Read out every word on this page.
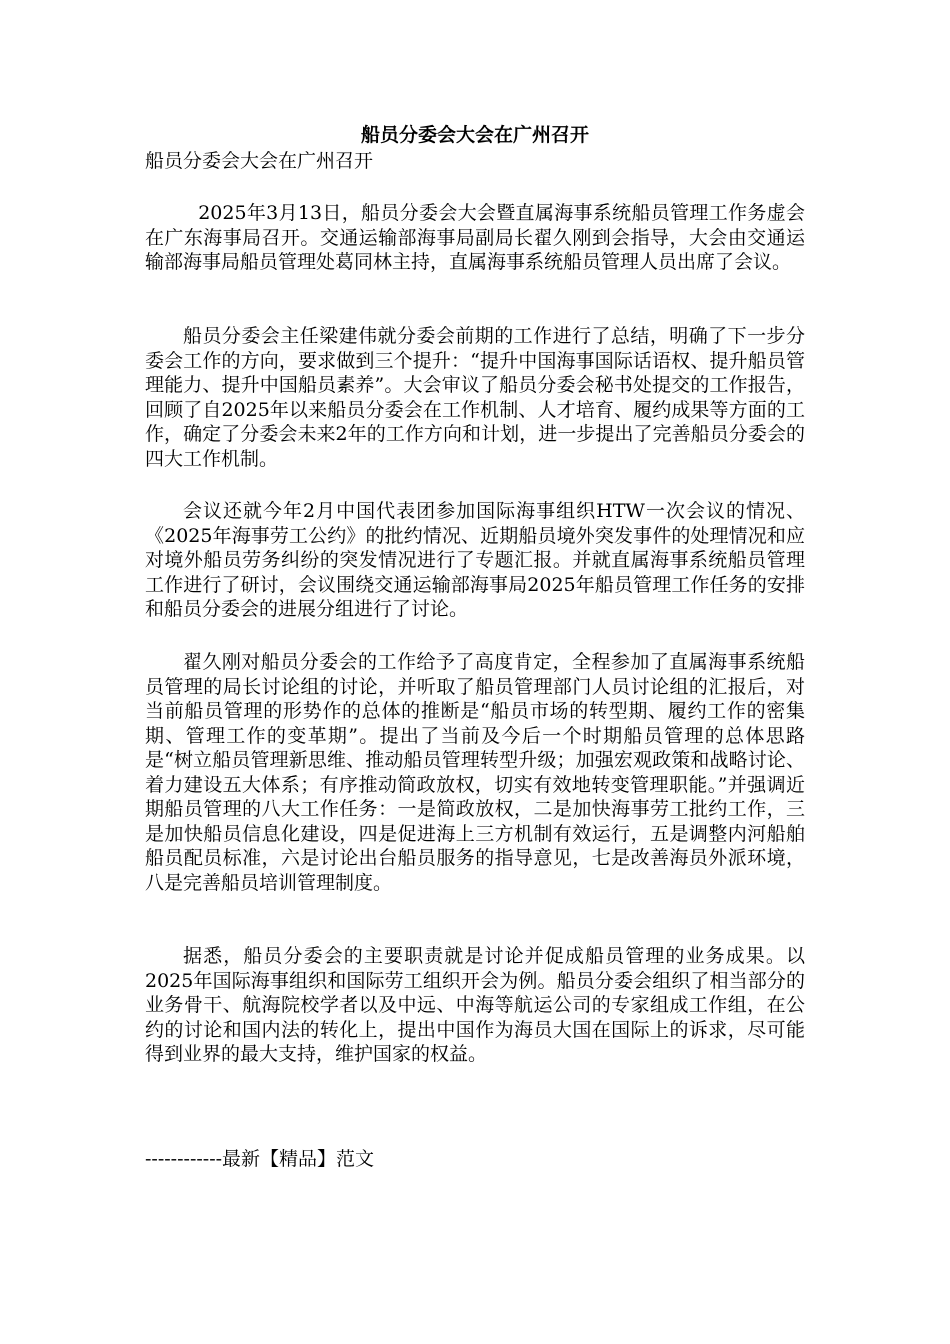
船员分委会大会在广州召开
船员分委会大会在广州召开

2025年3月13日，船员分委会大会暨直属海事系统船员管理工作务虚会在广东海事局召开。交通运输部海事局副局长翟久刚到会指导，大会由交通运输部海事局船员管理处葛同林主持，直属海事系统船员管理人员出席了会议。

船员分委会主任梁建伟就分委会前期的工作进行了总结，明确了下一步分委会工作的方向，要求做到三个提升：“提升中国海事国际话语权、提升船员管理能力、提升中国船员素养”。大会审议了船员分委会秘书处提交的工作报告，回顾了自2025年以来船员分委会在工作机制、人才培育、履约成果等方面的工作，确定了分委会未来2年的工作方向和计划，进一步提出了完善船员分委会的四大工作机制。

会议还就今年2月中国代表团参加国际海事组织HTW一次会议的情况、《2025年海事劳工公约》的批约情况、近期船员境外突发事件的处理情况和应对境外船员劳务纠纷的突发情况进行了专题汇报。并就直属海事系统船员管理工作进行了研讨，会议围绕交通运输部海事局2025年船员管理工作任务的安排和船员分委会的进展分组进行了讨论。

翟久刚对船员分委会的工作给予了高度肯定，全程参加了直属海事系统船员管理的局长讨论组的讨论，并听取了船员管理部门人员讨论组的汇报后，对当前船员管理的形势作的总体的推断是“船员市场的转型期、履约工作的密集期、管理工作的变革期”。提出了当前及今后一个时期船员管理的总体思路是“树立船员管理新思维、推动船员管理转型升级；加强宏观政策和战略讨论、着力建设五大体系；有序推动简政放权，切实有效地转变管理职能。”并强调近期船员管理的八大工作任务：一是简政放权，二是加快海事劳工批约工作，三是加快船员信息化建设，四是促进海上三方机制有效运行，五是调整内河船舶船员配员标准，六是讨论出台船员服务的指导意见，七是改善海员外派环境，八是完善船员培训管理制度。

据悉，船员分委会的主要职责就是讨论并促成船员管理的业务成果。以2025年国际海事组织和国际劳工组织开会为例。船员分委会组织了相当部分的业务骨干、航海院校学者以及中远、中海等航运公司的专家组成工作组，在公约的讨论和国内法的转化上，提出中国作为海员大国在国际上的诉求，尽可能得到业界的最大支持，维护国家的权益。

------------最新【精品】范文
